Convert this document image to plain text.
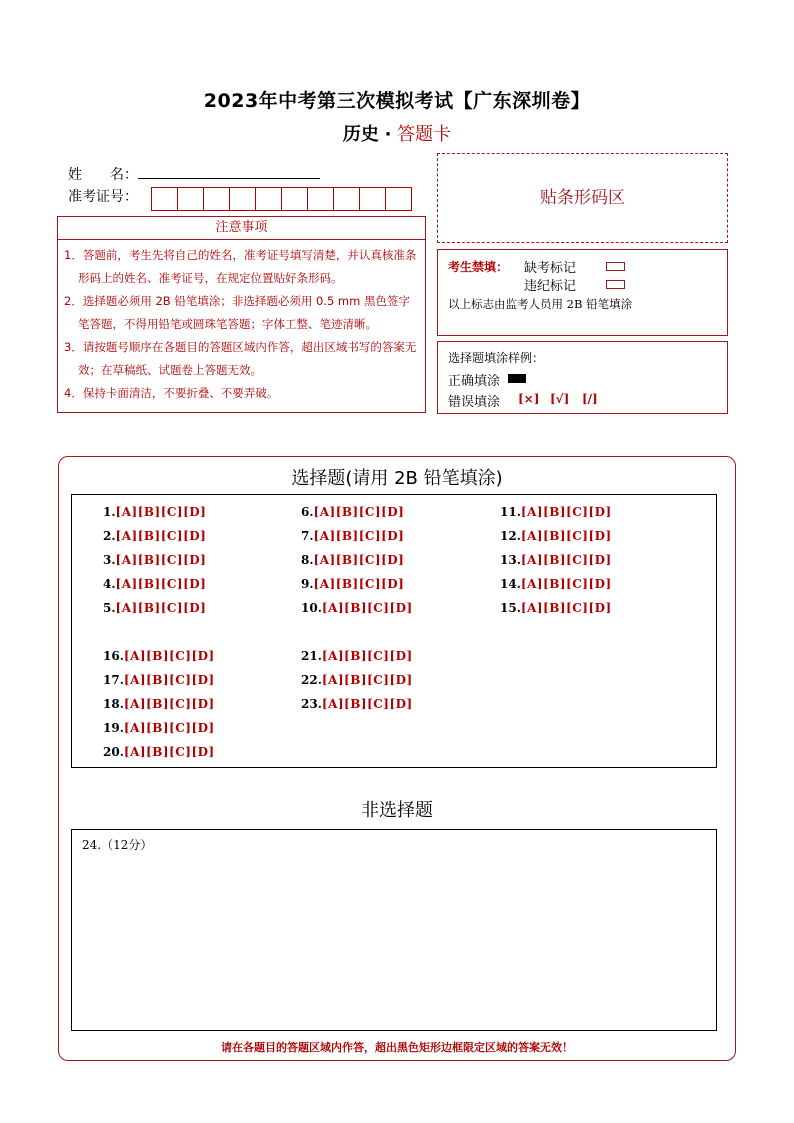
2023年中考第三次模拟考试【广东深圳卷】
历史 · 答题卡
姓　　名：
准考证号：
注意事项
1．答题前，考生先将自己的姓名，准考证号填写清楚，并认真核准条形码上的姓名、准考证号，在规定位置贴好条形码。
2．选择题必须用 2B 铅笔填涂；非选择题必须用 0.5 mm 黑色签字笔答题，不得用铅笔或圆珠笔答题；字体工整、笔迹清晰。
3．请按题号顺序在各题目的答题区域内作答，超出区域书写的答案无效；在草稿纸、试题卷上答题无效。
4．保持卡面清洁，不要折叠、不要弄破。
贴条形码区
考生禁填： 缺考标记
违纪标记
以上标志由监考人员用 2B 铅笔填涂
选择题填涂样例：
正确填涂
错误填涂 [×] [√] [/]
选择题(请用 2B 铅笔填涂)
1.[A][B][C][D]
2.[A][B][C][D]
3.[A][B][C][D]
4.[A][B][C][D]
5.[A][B][C][D]
6.[A][B][C][D]
7.[A][B][C][D]
8.[A][B][C][D]
9.[A][B][C][D]
10.[A][B][C][D]
11.[A][B][C][D]
12.[A][B][C][D]
13.[A][B][C][D]
14.[A][B][C][D]
15.[A][B][C][D]
16.[A][B][C][D]
17.[A][B][C][D]
18.[A][B][C][D]
19.[A][B][C][D]
20.[A][B][C][D]
21.[A][B][C][D]
22.[A][B][C][D]
23.[A][B][C][D]
非选择题
24.（12分）
请在各题目的答题区域内作答，超出黑色矩形边框限定区域的答案无效！
